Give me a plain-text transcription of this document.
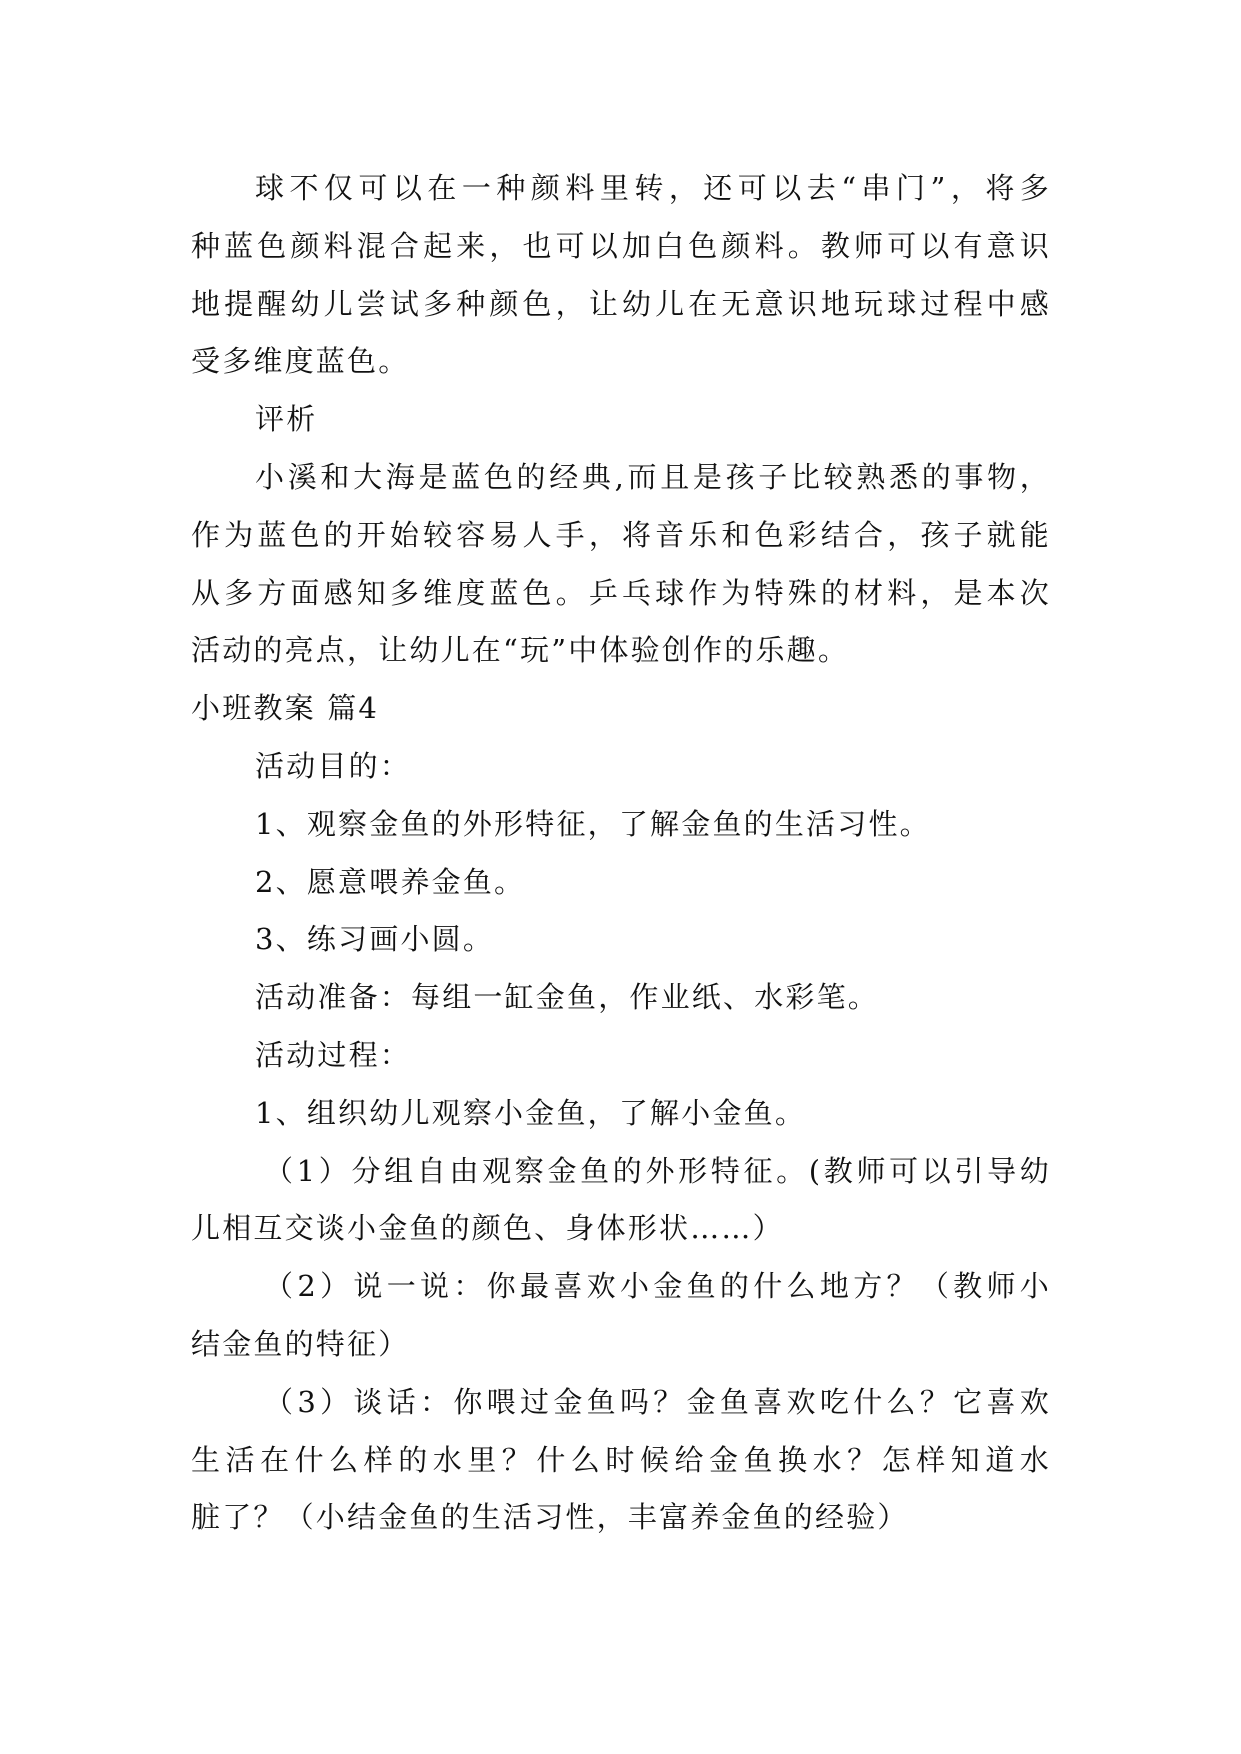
球不仅可以在一种颜料里转，还可以去“串门”，将多
种蓝色颜料混合起来，也可以加白色颜料。教师可以有意识
地提醒幼儿尝试多种颜色，让幼儿在无意识地玩球过程中感
受多维度蓝色。
评析
小溪和大海是蓝色的经典,而且是孩子比较熟悉的事物，
作为蓝色的开始较容易人手，将音乐和色彩结合，孩子就能
从多方面感知多维度蓝色。乒乓球作为特殊的材料，是本次
活动的亮点，让幼儿在“玩”中体验创作的乐趣。
小班教案 篇4
活动目的：
1、观察金鱼的外形特征，了解金鱼的生活习性。
2、愿意喂养金鱼。
3、练习画小圆。
活动准备：每组一缸金鱼，作业纸、水彩笔。
活动过程：
1、组织幼儿观察小金鱼，了解小金鱼。
（1）分组自由观察金鱼的外形特征。(教师可以引导幼
儿相互交谈小金鱼的颜色、身体形状……）
（2）说一说：你最喜欢小金鱼的什么地方？（教师小
结金鱼的特征）
（3）谈话：你喂过金鱼吗？金鱼喜欢吃什么？它喜欢
生活在什么样的水里？什么时候给金鱼换水？怎样知道水
脏了？（小结金鱼的生活习性，丰富养金鱼的经验）
